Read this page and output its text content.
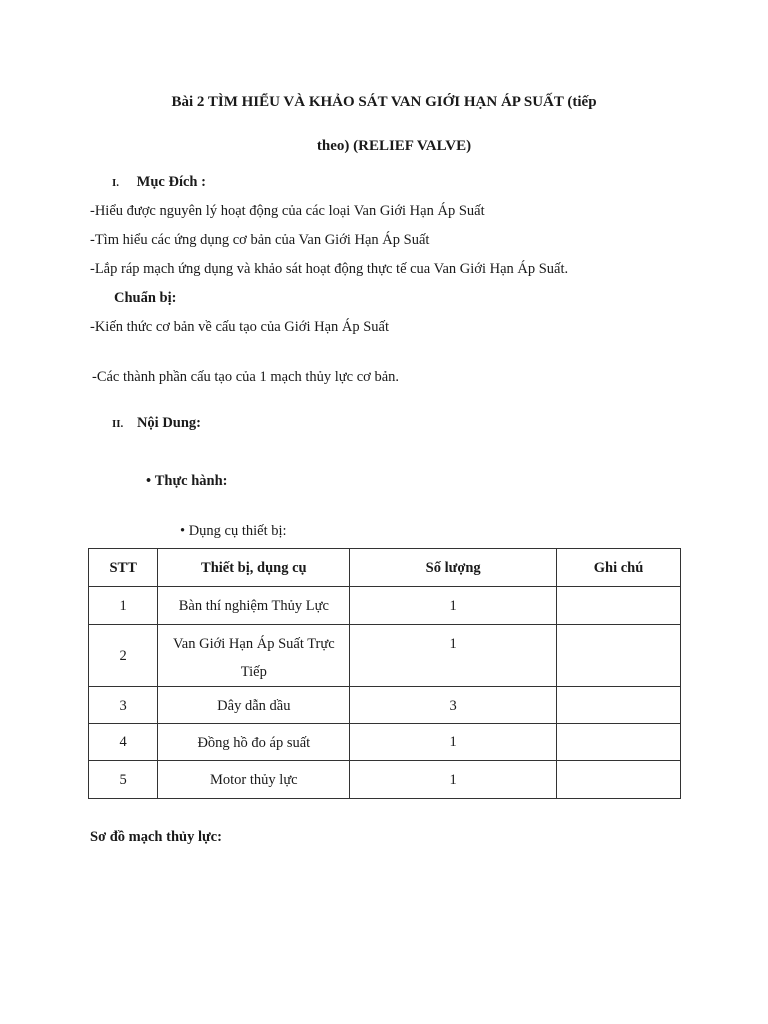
Bài 2 TÌM HIỂU VÀ KHẢO SÁT VAN GIỚI HẠN ÁP SUẤT (tiếp
theo) (RELIEF VALVE)
I. Mục Đích :
-Hiểu được nguyên lý hoạt động của các loại Van Giới Hạn Áp Suất
-Tìm hiểu các ứng dụng cơ bản của Van Giới Hạn Áp Suất
-Lắp ráp mạch ứng dụng và khảo sát hoạt động thực tế cua Van Giới Hạn Áp Suất.
Chuẩn bị:
-Kiến thức cơ bản về cấu tạo của Giới Hạn Áp Suất
-Các thành phần cấu tạo của 1 mạch thủy lực cơ bản.
II. Nội Dung:
• Thực hành:
• Dụng cụ thiết bị:
STT	Thiết bị, dụng cụ	Số lượng	Ghi chú
1	Bàn thí nghiệm Thủy Lực	1	
2	Van Giới Hạn Áp Suất Trực
Tiếp	1	
3	Dây dẫn dầu	3	
4	Đồng hồ đo áp suất	1	
5	Motor thủy lực	1	
Sơ đồ mạch thủy lực:
